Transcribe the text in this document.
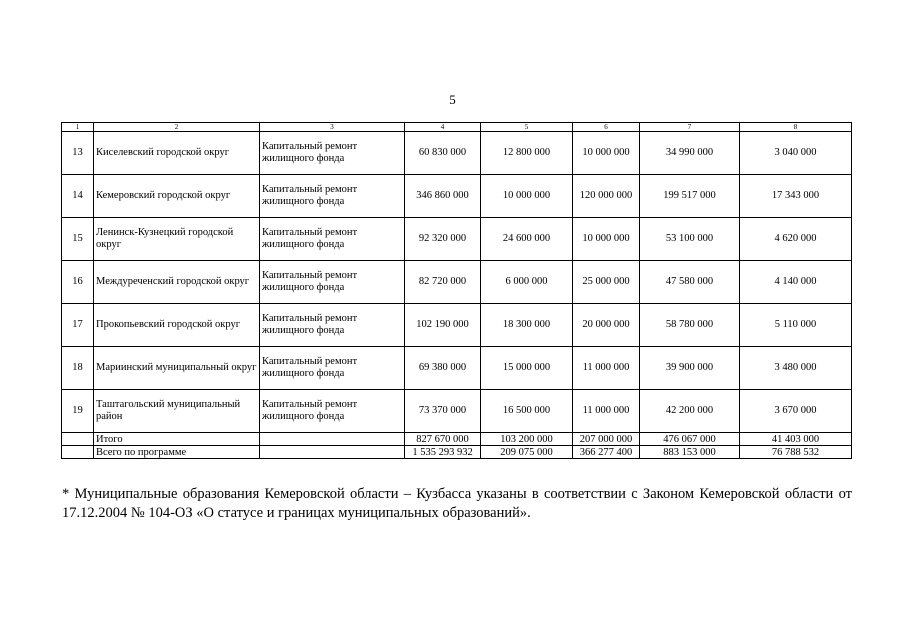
5
1	2	3	4	5	6	7	8
13	Киселевский городской округ	Капитальный ремонт жилищного фонда	60 830 000	12 800 000	10 000 000	34 990 000	3 040 000
14	Кемеровский городской округ	Капитальный ремонт жилищного фонда	346 860 000	10 000 000	120 000 000	199 517 000	17 343 000
15	Ленинск-Кузнецкий городской округ	Капитальный ремонт жилищного фонда	92 320 000	24 600 000	10 000 000	53 100 000	4 620 000
16	Междуреченский городской округ	Капитальный ремонт жилищного фонда	82 720 000	6 000 000	25 000 000	47 580 000	4 140 000
17	Прокопьевский городской округ	Капитальный ремонт жилищного фонда	102 190 000	18 300 000	20 000 000	58 780 000	5 110 000
18	Мариинский муниципальный округ	Капитальный ремонт жилищного фонда	69 380 000	15 000 000	11 000 000	39 900 000	3 480 000
19	Таштагольский муниципальный район	Капитальный ремонт жилищного фонда	73 370 000	16 500 000	11 000 000	42 200 000	3 670 000
	Итого		827 670 000	103 200 000	207 000 000	476 067 000	41 403 000
	Всего по программе		1 535 293 932	209 075 000	366 277 400	883 153 000	76 788 532
* Муниципальные образования Кемеровской области – Кузбасса указаны в соответствии с Законом Кемеровской области от 17.12.2004 № 104-ОЗ «О статусе и границах муниципальных образований».
